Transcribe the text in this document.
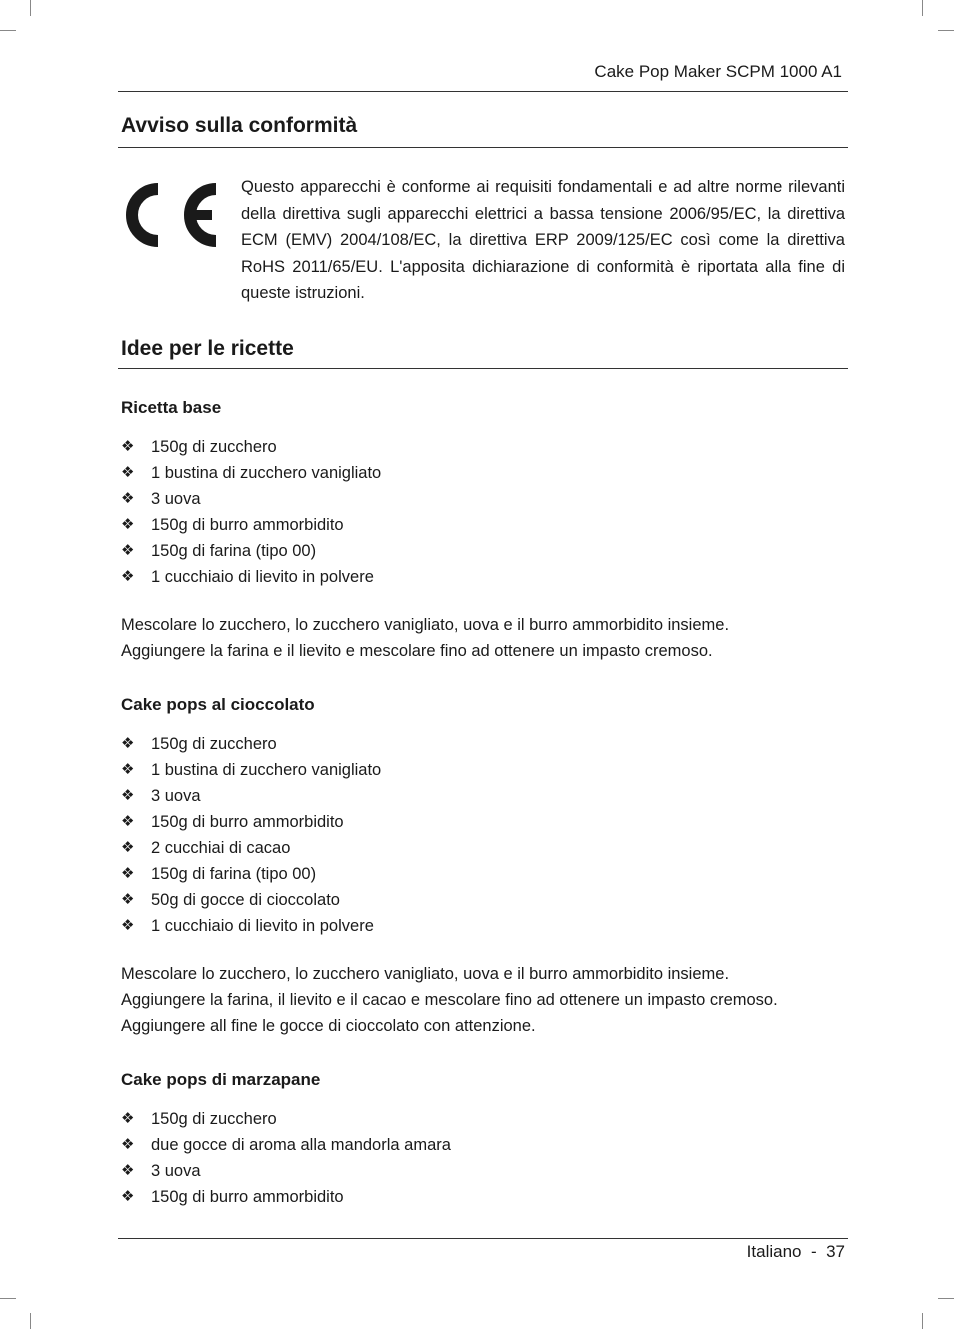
Cake Pop Maker SCPM 1000 A1
Avviso sulla conformità

Questo apparecchi è conforme ai requisiti fondamentali e ad altre norme rilevanti della direttiva sugli apparecchi elettrici a bassa tensione 2006/95/EC, la direttiva ECM (EMV) 2004/108/EC, la direttiva ERP 2009/125/EC così come la direttiva RoHS 2011/65/EU. L'apposita dichiarazione di conformità è riportata alla fine di queste istruzioni.

Idee per le ricette
Ricetta base
❖	150g di zucchero
❖	1 bustina di zucchero vanigliato
❖	3 uova
❖	150g di burro ammorbidito
❖	150g di farina (tipo 00)
❖	1 cucchiaio di lievito in polvere

Mescolare lo zucchero, lo zucchero vanigliato, uova e il burro ammorbidito insieme.
Aggiungere la farina e il lievito e mescolare fino ad ottenere un impasto cremoso.

Cake pops al cioccolato
❖	150g di zucchero
❖	1 bustina di zucchero vanigliato
❖	3 uova
❖	150g di burro ammorbidito
❖	2 cucchiai di cacao
❖	150g di farina (tipo 00)
❖	50g di gocce di cioccolato
❖	1 cucchiaio di lievito in polvere

Mescolare lo zucchero, lo zucchero vanigliato, uova e il burro ammorbidito insieme.
Aggiungere la farina, il lievito e il cacao e mescolare fino ad ottenere un impasto cremoso.
Aggiungere all fine le gocce di cioccolato con attenzione.

Cake pops di marzapane
❖	150g di zucchero
❖	due gocce di aroma alla mandorla amara
❖	3 uova
❖	150g di burro ammorbidito
Italiano - 37
